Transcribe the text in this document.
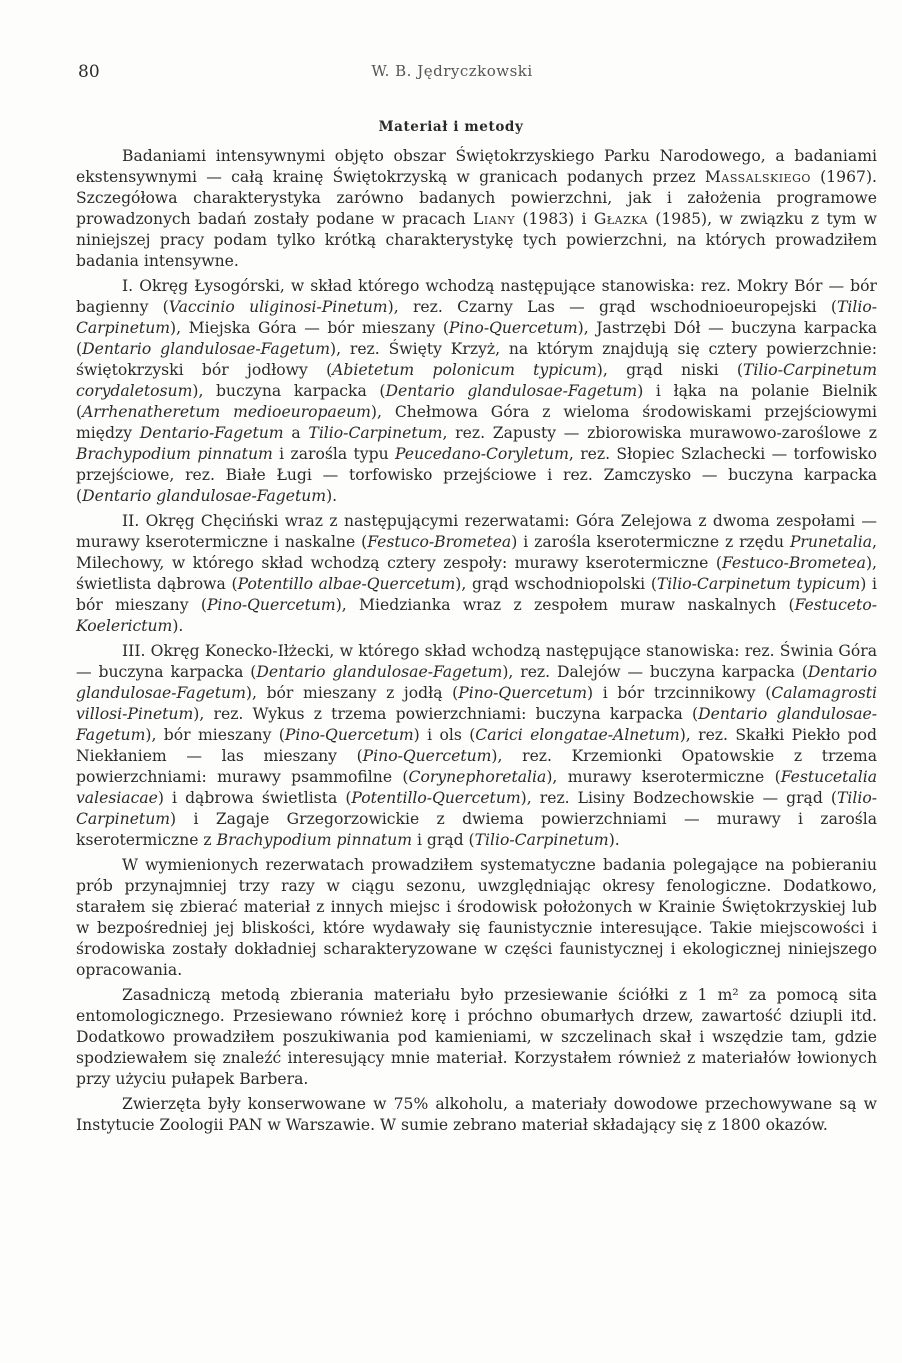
80	W. B. Jędryczkowski
Materiał i metody

Badaniami intensywnymi objęto obszar Świętokrzyskiego Parku Narodowego, a badaniami ekstensywnymi — całą krainę Świętokrzyską w granicach podanych przez Massalskiego (1967). Szczegółowa charakterystyka zarówno badanych powierzchni, jak i założenia programowe prowadzonych badań zostały podane w pracach Liany (1983) i Głazka (1985), w związku z tym w niniejszej pracy podam tylko krótką charakterystykę tych powierzchni, na których prowadziłem badania intensywne.

I. Okręg Łysogórski, w skład którego wchodzą następujące stanowiska: rez. Mokry Bór — bór bagienny (Vaccinio uliginosi-Pinetum), rez. Czarny Las — grąd wschodnioeuropejski (Tilio-Carpinetum), Miejska Góra — bór mieszany (Pino-Quercetum), Jastrzębi Dół — buczyna karpacka (Dentario glandulosae-Fagetum), rez. Święty Krzyż, na którym znajdują się cztery powierzchnie: świętokrzyski bór jodłowy (Abietetum polonicum typicum), grąd niski (Tilio-Carpinetum corydaletosum), buczyna karpacka (Dentario glandulosae-Fagetum) i łąka na polanie Bielnik (Arrhenatheretum medioeuropaeum), Chełmowa Góra z wieloma środowiskami przejściowymi między Dentario-Fagetum a Tilio-Carpinetum, rez. Zapusty — zbiorowiska murawowo-zaroślowe z Brachypodium pinnatum i zarośla typu Peucedano-Coryletum, rez. Słopiec Szlachecki — torfowisko przejściowe, rez. Białe Ługi — torfowisko przejściowe i rez. Zamczysko — buczyna karpacka (Dentario glandulosae-Fagetum).

II. Okręg Chęciński wraz z następującymi rezerwatami: Góra Zelejowa z dwoma zespołami — murawy kserotermiczne i naskalne (Festuco-Brometea) i zarośla kserotermiczne z rzędu Prunetalia, Milechowy, w którego skład wchodzą cztery zespoły: murawy kserotermiczne (Festuco-Brometea), świetlista dąbrowa (Potentillo albae-Quercetum), grąd wschodniopolski (Tilio-Carpinetum typicum) i bór mieszany (Pino-Quercetum), Miedzianka wraz z zespołem muraw naskalnych (Festuceto-Koelerictum).

III. Okręg Konecko-Iłżecki, w którego skład wchodzą następujące stanowiska: rez. Świnia Góra — buczyna karpacka (Dentario glandulosae-Fagetum), rez. Dalejów — buczyna karpacka (Dentario glandulosae-Fagetum), bór mieszany z jodłą (Pino-Quercetum) i bór trzcinnikowy (Calamagrosti villosi-Pinetum), rez. Wykus z trzema powierzchniami: buczyna karpacka (Dentario glandulosae-Fagetum), bór mieszany (Pino-Quercetum) i ols (Carici elongatae-Alnetum), rez. Skałki Piekło pod Niekłaniem — las mieszany (Pino-Quercetum), rez. Krzemionki Opatowskie z trzema powierzchniami: murawy psammofilne (Corynephoretalia), murawy kserotermiczne (Festucetalia valesiacae) i dąbrowa świetlista (Potentillo-Quercetum), rez. Lisiny Bodzechowskie — grąd (Tilio-Carpinetum) i Zagaje Grzegorzowickie z dwiema powierzchniami — murawy i zarośla kserotermiczne z Brachypodium pinnatum i grąd (Tilio-Carpinetum).

W wymienionych rezerwatach prowadziłem systematyczne badania polegające na pobieraniu prób przynajmniej trzy razy w ciągu sezonu, uwzględniając okresy fenologiczne. Dodatkowo, starałem się zbierać materiał z innych miejsc i środowisk położonych w Krainie Świętokrzyskiej lub w bezpośredniej jej bliskości, które wydawały się faunistycznie interesujące. Takie miejscowości i środowiska zostały dokładniej scharakteryzowane w części faunistycznej i ekologicznej niniejszego opracowania.

Zasadniczą metodą zbierania materiału było przesiewanie ściółki z 1 m² za pomocą sita entomologicznego. Przesiewano również korę i próchno obumarłych drzew, zawartość dziupli itd. Dodatkowo prowadziłem poszukiwania pod kamieniami, w szczelinach skał i wszędzie tam, gdzie spodziewałem się znaleźć interesujący mnie materiał. Korzystałem również z materiałów łowionych przy użyciu pułapek Barbera.

Zwierzęta były konserwowane w 75% alkoholu, a materiały dowodowe przechowywane są w Instytucie Zoologii PAN w Warszawie. W sumie zebrano materiał składający się z 1800 okazów.
